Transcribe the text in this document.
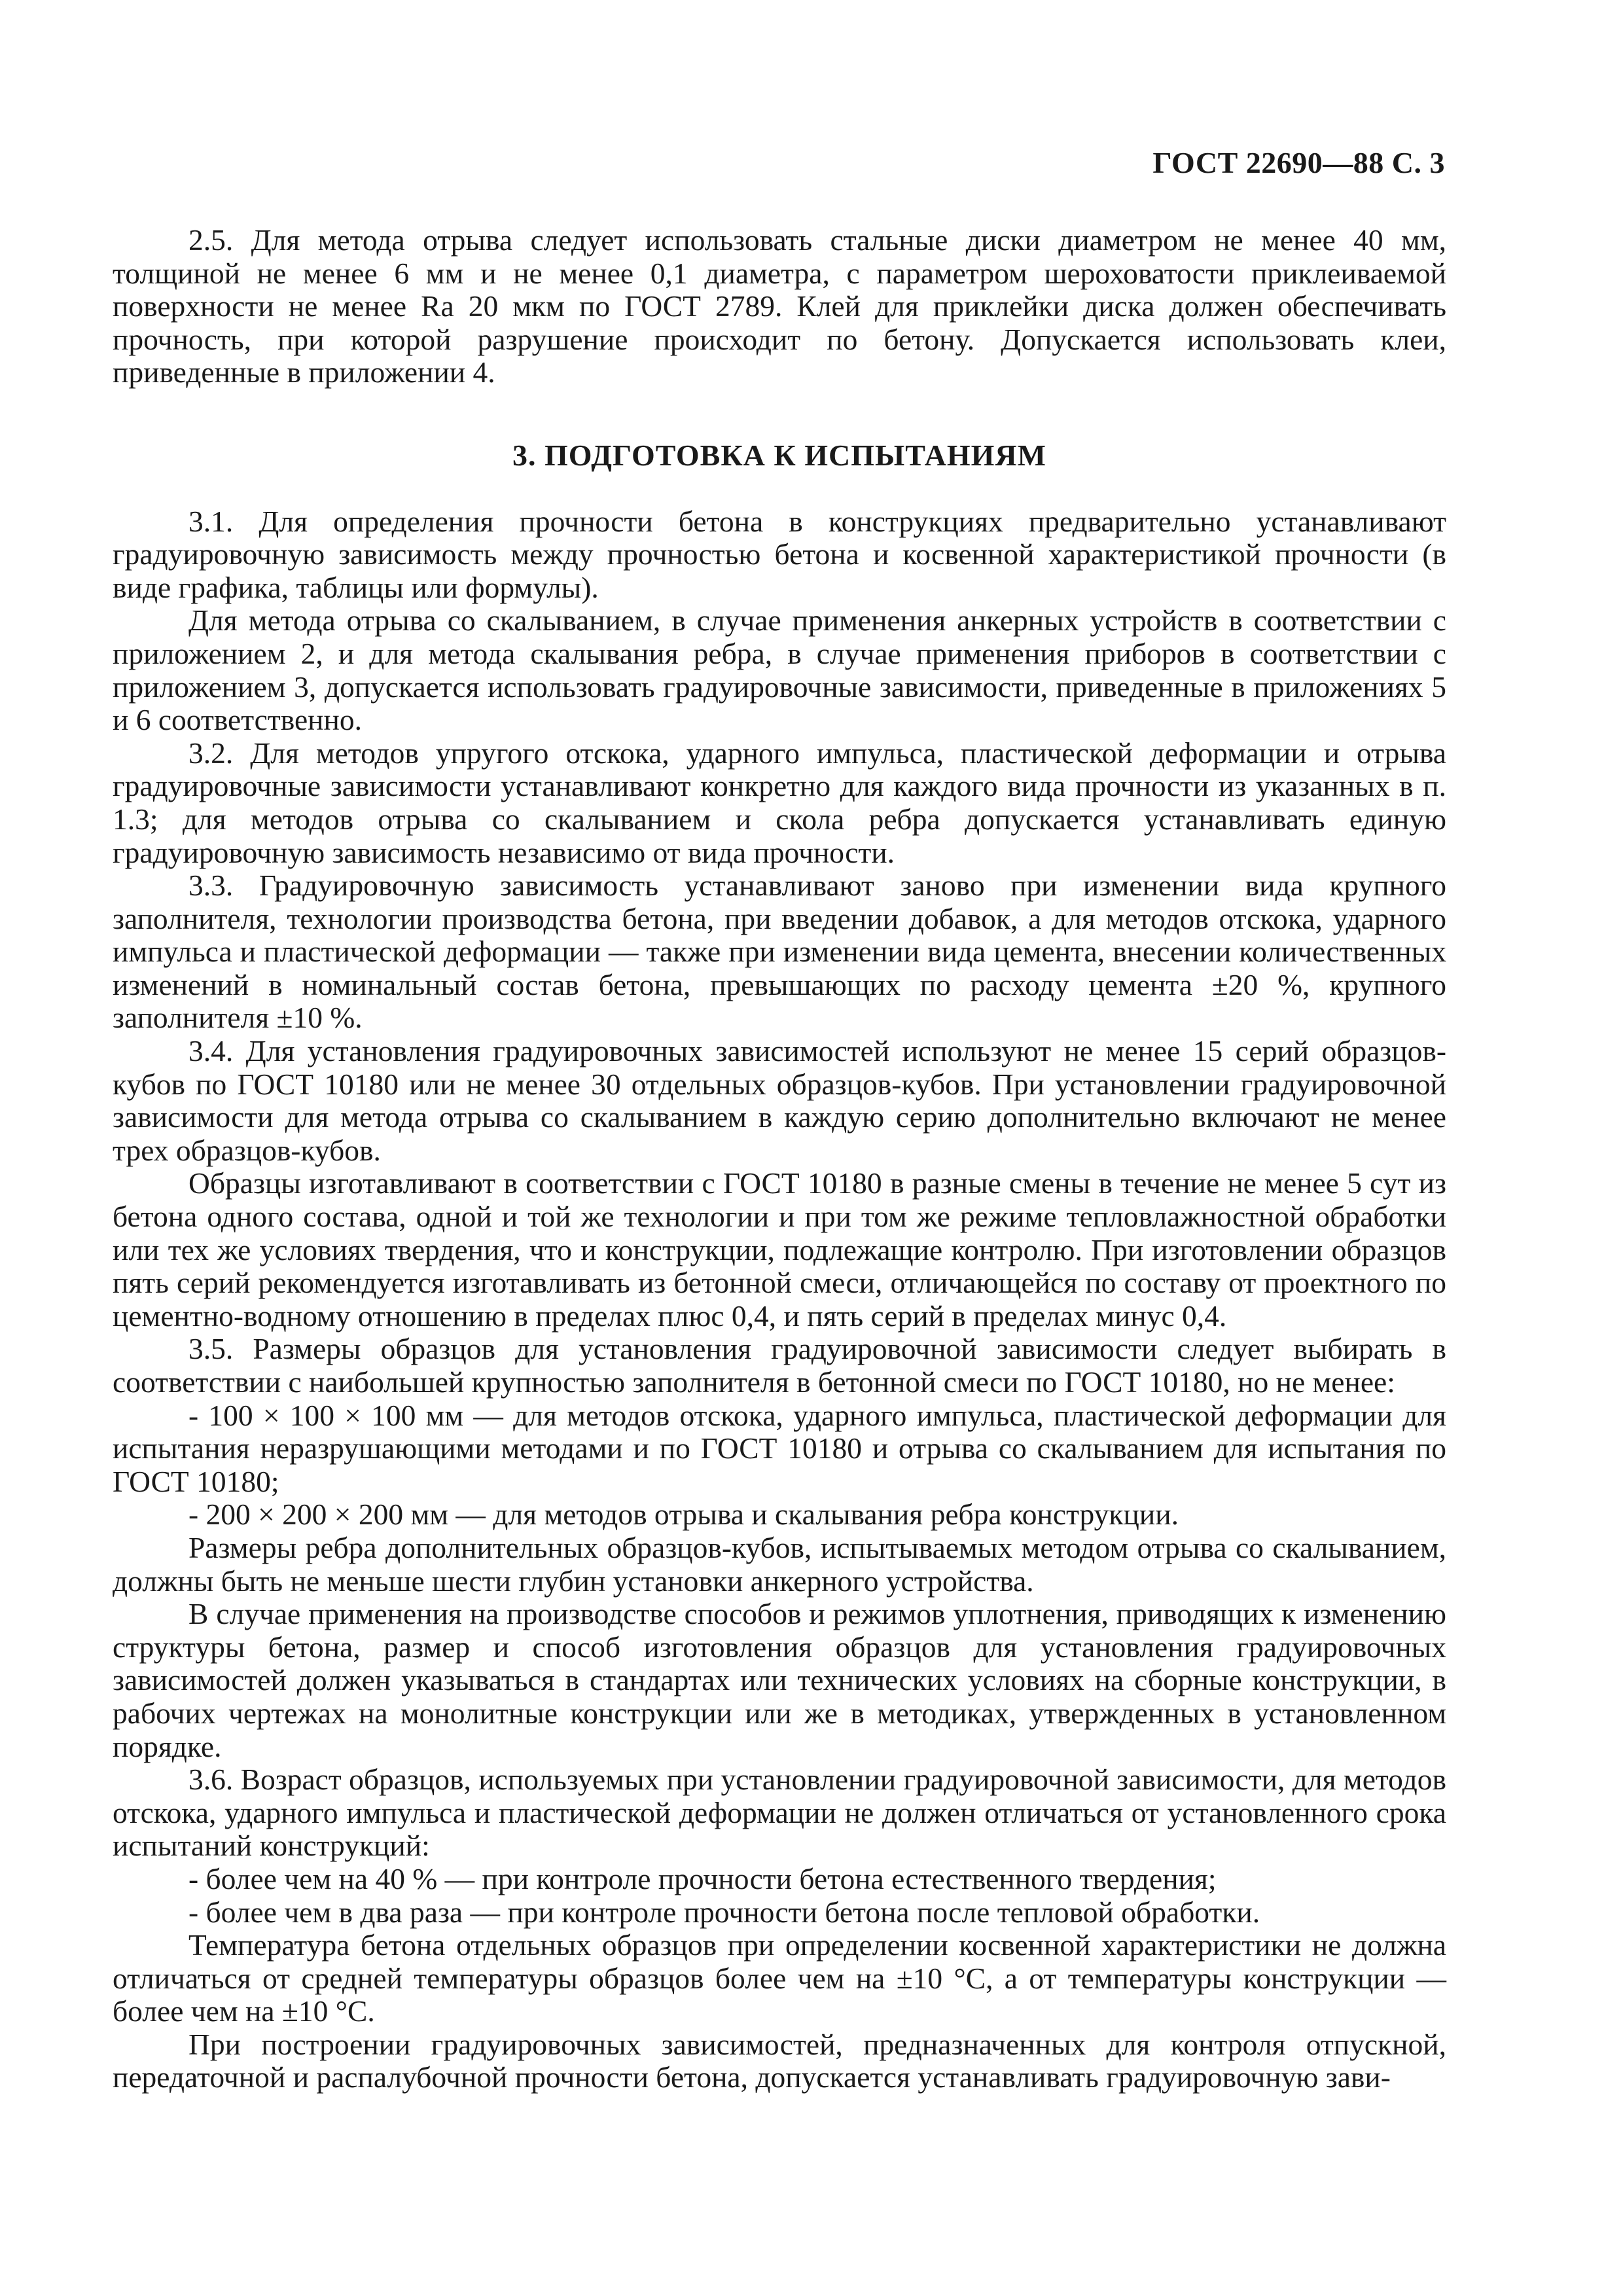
ГОСТ 22690—88 С. 3
2.5. Для метода отрыва следует использовать стальные диски диаметром не менее 40 мм, толщиной не менее 6 мм и не менее 0,1 диаметра, с параметром шероховатости приклеиваемой поверхности не менее Ra 20 мкм по ГОСТ 2789. Клей для приклейки диска должен обеспечивать прочность, при которой разрушение происходит по бетону. Допускается использовать клеи, приведенные в приложении 4.
3. ПОДГОТОВКА К ИСПЫТАНИЯМ
3.1. Для определения прочности бетона в конструкциях предварительно устанавливают градуировочную зависимость между прочностью бетона и косвенной характеристикой прочности (в виде графика, таблицы или формулы).
Для метода отрыва со скалыванием, в случае применения анкерных устройств в соответствии с приложением 2, и для метода скалывания ребра, в случае применения приборов в соответствии с приложением 3, допускается использовать градуировочные зависимости, приведенные в приложениях 5 и 6 соответственно.
3.2. Для методов упругого отскока, ударного импульса, пластической деформации и отрыва градуировочные зависимости устанавливают конкретно для каждого вида прочности из указанных в п. 1.3; для методов отрыва со скалыванием и скола ребра допускается устанавливать единую градуировочную зависимость независимо от вида прочности.
3.3. Градуировочную зависимость устанавливают заново при изменении вида крупного заполнителя, технологии производства бетона, при введении добавок, а для методов отскока, ударного импульса и пластической деформации — также при изменении вида цемента, внесении количественных изменений в номинальный состав бетона, превышающих по расходу цемента ±20 %, крупного заполнителя ±10 %.
3.4. Для установления градуировочных зависимостей используют не менее 15 серий образцов-кубов по ГОСТ 10180 или не менее 30 отдельных образцов-кубов. При установлении градуировочной зависимости для метода отрыва со скалыванием в каждую серию дополнительно включают не менее трех образцов-кубов.
Образцы изготавливают в соответствии с ГОСТ 10180 в разные смены в течение не менее 5 сут из бетона одного состава, одной и той же технологии и при том же режиме тепловлажностной обработки или тех же условиях твердения, что и конструкции, подлежащие контролю. При изготовлении образцов пять серий рекомендуется изготавливать из бетонной смеси, отличающейся по составу от проектного по цементно-водному отношению в пределах плюс 0,4, и пять серий в пределах минус 0,4.
3.5. Размеры образцов для установления градуировочной зависимости следует выбирать в соответствии с наибольшей крупностью заполнителя в бетонной смеси по ГОСТ 10180, но не менее:
- 100 × 100 × 100 мм — для методов отскока, ударного импульса, пластической деформации для испытания неразрушающими методами и по ГОСТ 10180 и отрыва со скалыванием для испытания по ГОСТ 10180;
- 200 × 200 × 200 мм — для методов отрыва и скалывания ребра конструкции.
Размеры ребра дополнительных образцов-кубов, испытываемых методом отрыва со скалыванием, должны быть не меньше шести глубин установки анкерного устройства.
В случае применения на производстве способов и режимов уплотнения, приводящих к изменению структуры бетона, размер и способ изготовления образцов для установления градуировочных зависимостей должен указываться в стандартах или технических условиях на сборные конструкции, в рабочих чертежах на монолитные конструкции или же в методиках, утвержденных в установленном порядке.
3.6. Возраст образцов, используемых при установлении градуировочной зависимости, для методов отскока, ударного импульса и пластической деформации не должен отличаться от установленного срока испытаний конструкций:
- более чем на 40 % — при контроле прочности бетона естественного твердения;
- более чем в два раза — при контроле прочности бетона после тепловой обработки.
Температура бетона отдельных образцов при определении косвенной характеристики не должна отличаться от средней температуры образцов более чем на ±10 °С, а от температуры конструкции — более чем на ±10 °С.
При построении градуировочных зависимостей, предназначенных для контроля отпускной, передаточной и распалубочной прочности бетона, допускается устанавливать градуировочную зави-
